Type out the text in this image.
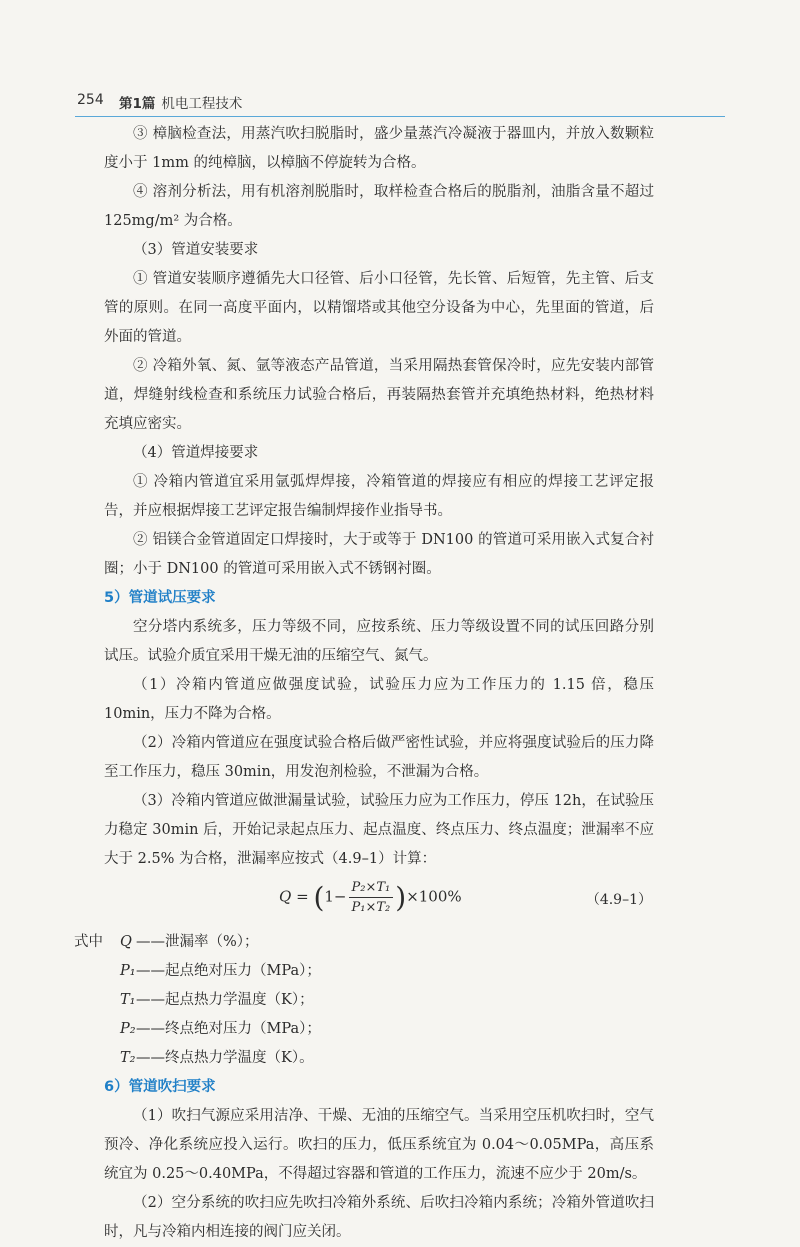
254 第1篇 机电工程技术

③ 樟脑检查法，用蒸汽吹扫脱脂时，盛少量蒸汽冷凝液于器皿内，并放入数颗粒度小于 1mm 的纯樟脑，以樟脑不停旋转为合格。

④ 溶剂分析法，用有机溶剂脱脂时，取样检查合格后的脱脂剂，油脂含量不超过 125mg/m² 为合格。

（3）管道安装要求

① 管道安装顺序遵循先大口径管、后小口径管，先长管、后短管，先主管、后支管的原则。在同一高度平面内，以精馏塔或其他空分设备为中心，先里面的管道，后外面的管道。

② 冷箱外氧、氮、氩等液态产品管道，当采用隔热套管保冷时，应先安装内部管道，焊缝射线检查和系统压力试验合格后，再装隔热套管并充填绝热材料，绝热材料充填应密实。

（4）管道焊接要求

① 冷箱内管道宜采用氩弧焊焊接，冷箱管道的焊接应有相应的焊接工艺评定报告，并应根据焊接工艺评定报告编制焊接作业指导书。

② 铝镁合金管道固定口焊接时，大于或等于 DN100 的管道可采用嵌入式复合衬圈；小于 DN100 的管道可采用嵌入式不锈钢衬圈。

5）管道试压要求

空分塔内系统多，压力等级不同，应按系统、压力等级设置不同的试压回路分别试压。试验介质宜采用干燥无油的压缩空气、氮气。

（1）冷箱内管道应做强度试验，试验压力应为工作压力的 1.15 倍，稳压 10min，压力不降为合格。

（2）冷箱内管道应在强度试验合格后做严密性试验，并应将强度试验后的压力降至工作压力，稳压 30min，用发泡剂检验，不泄漏为合格。

（3）冷箱内管道应做泄漏量试验，试验压力应为工作压力，停压 12h，在试验压力稳定 30min 后，开始记录起点压力、起点温度、终点压力、终点温度；泄漏率不应大于 2.5% 为合格，泄漏率应按式（4.9–1）计算：

$Q = (1- \frac{\text{P₂×T₁}}{\text{P₁×T₂}} )\times 100\%$	（4.9–1）

式中 Q ——泄漏率（%）；

P₁——起点绝对压力（MPa）；

T₁——起点热力学温度（K）；

P₂——终点绝对压力（MPa）；

T₂——终点热力学温度（K）。

6）管道吹扫要求

（1）吹扫气源应采用洁净、干燥、无油的压缩空气。当采用空压机吹扫时，空气预冷、净化系统应投入运行。吹扫的压力，低压系统宜为 0.04～0.05MPa，高压系统宜为 0.25～0.40MPa，不得超过容器和管道的工作压力，流速不应少于 20m/s。

（2）空分系统的吹扫应先吹扫冷箱外系统、后吹扫冷箱内系统；冷箱外管道吹扫时，凡与冷箱内相连接的阀门应关闭。
